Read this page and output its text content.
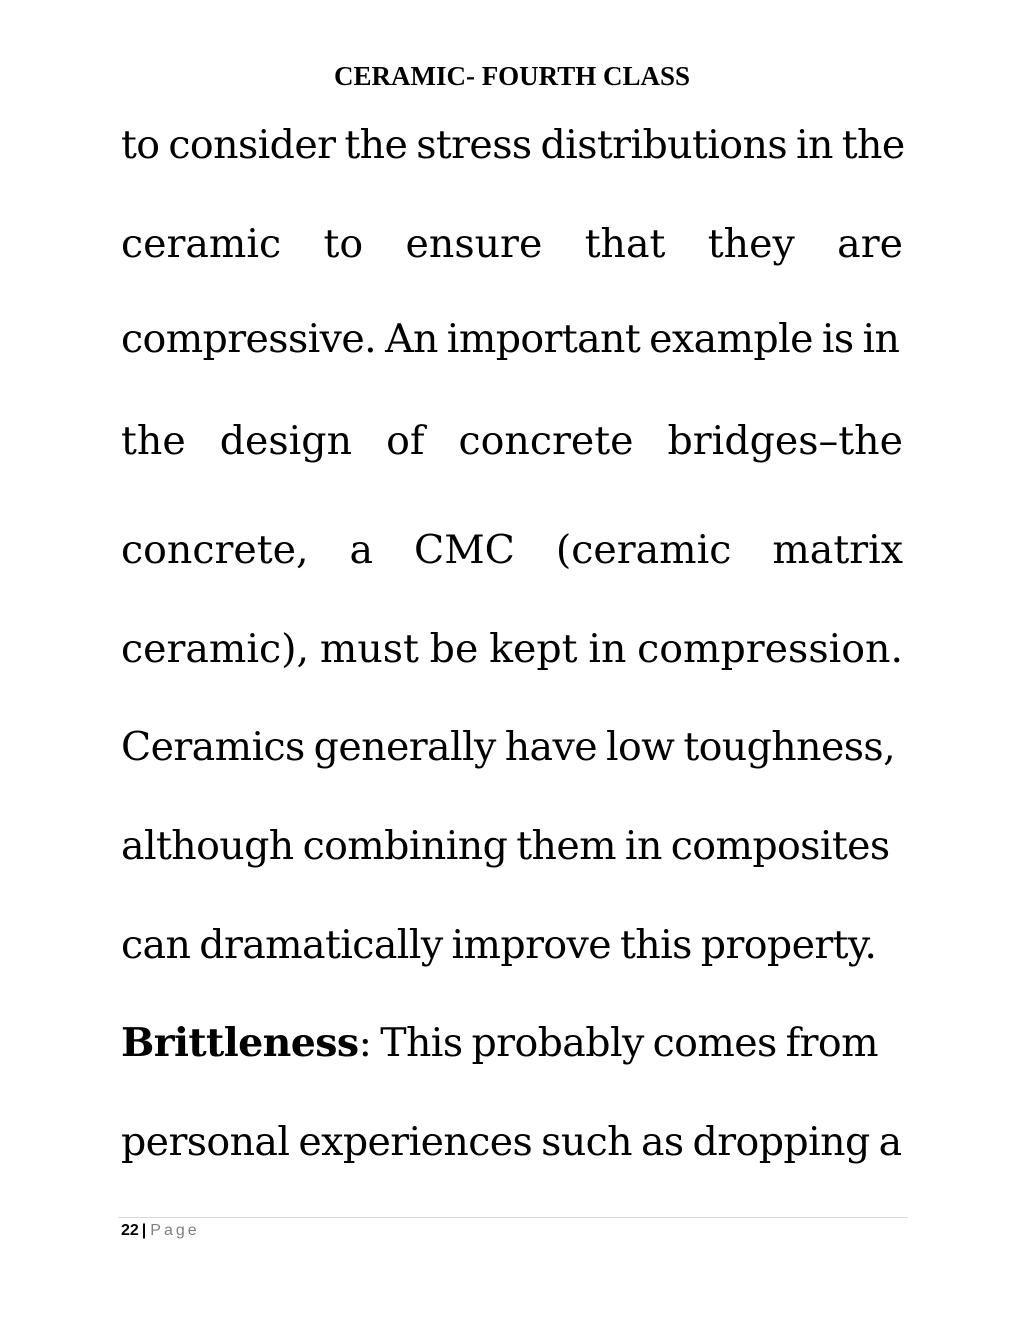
CERAMIC- FOURTH CLASS
to consider the stress distributions in the
ceramic to ensure that they are
compressive. An important example is in
the design of concrete bridges–the
concrete, a CMC (ceramic matrix
ceramic), must be kept in compression.
Ceramics generally have low toughness,
although combining them in composites
can dramatically improve this property.
Brittleness: This probably comes from
personal experiences such as dropping a
22 | Page
